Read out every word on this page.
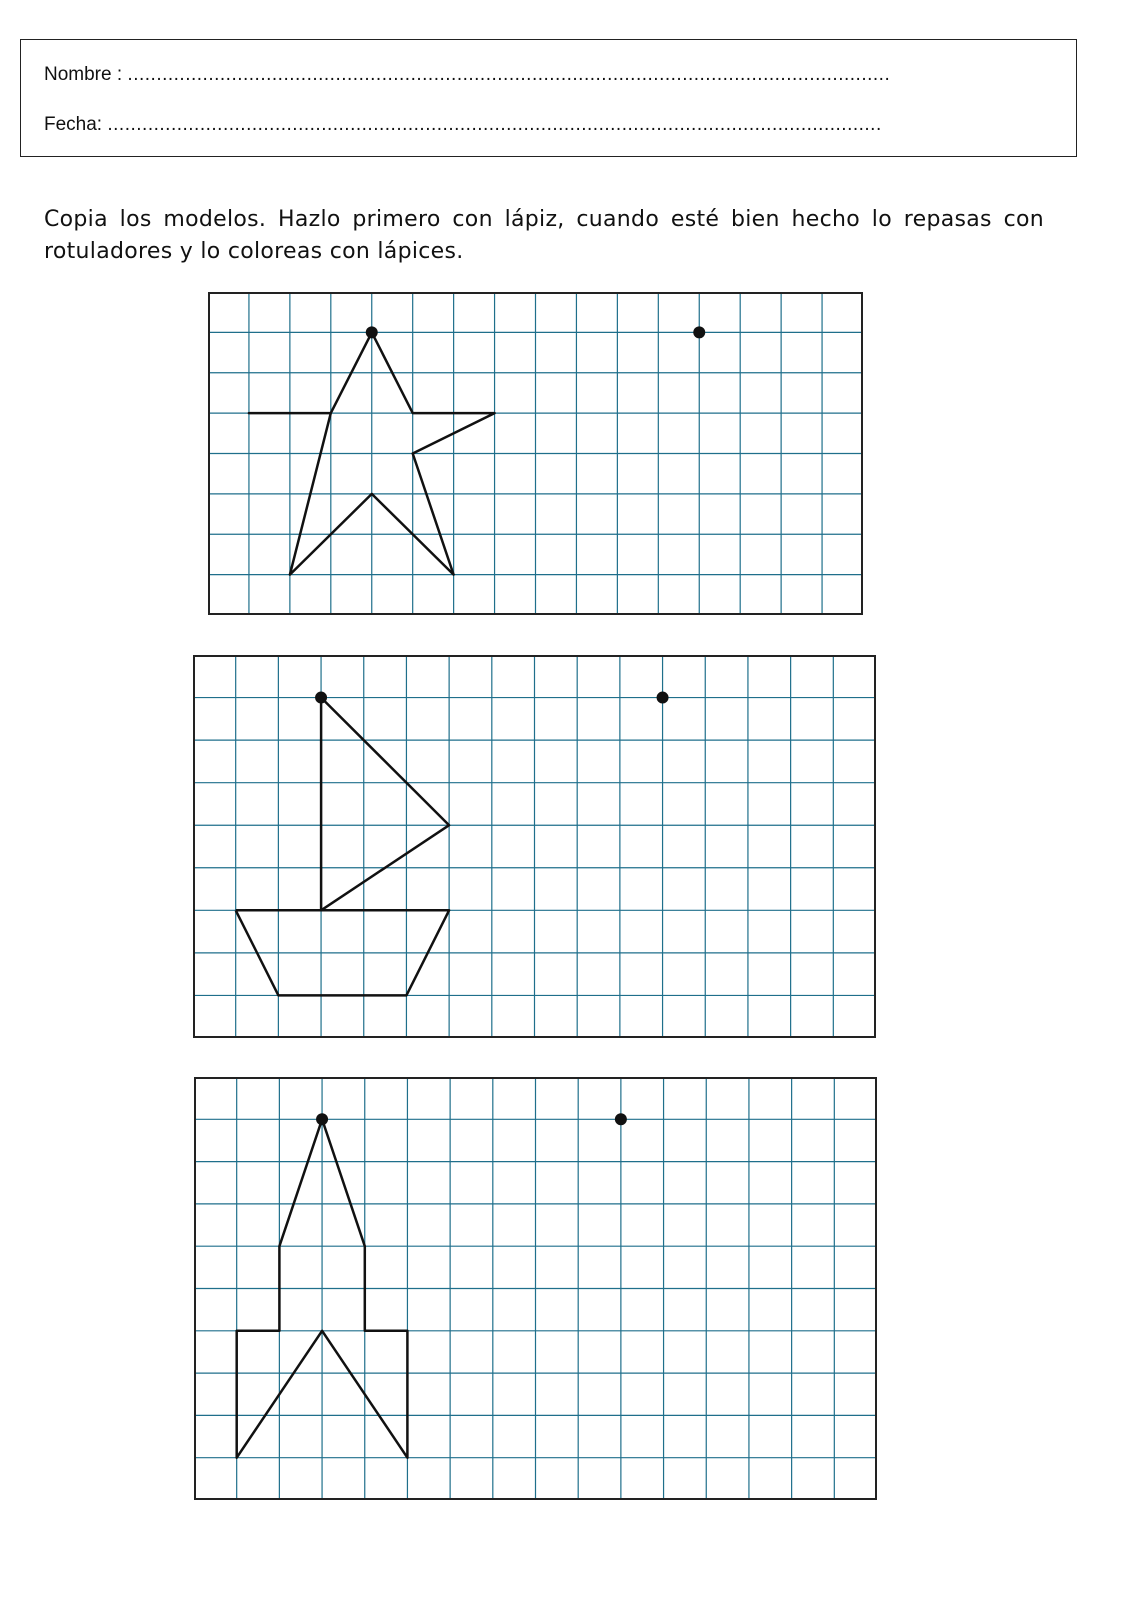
Nombre : ....................................................................................................................................
Fecha: ......................................................................................................................................
Copia los modelos. Hazlo primero con lápiz, cuando esté bien hecho lo repasas con rotuladores y lo coloreas con lápices.
